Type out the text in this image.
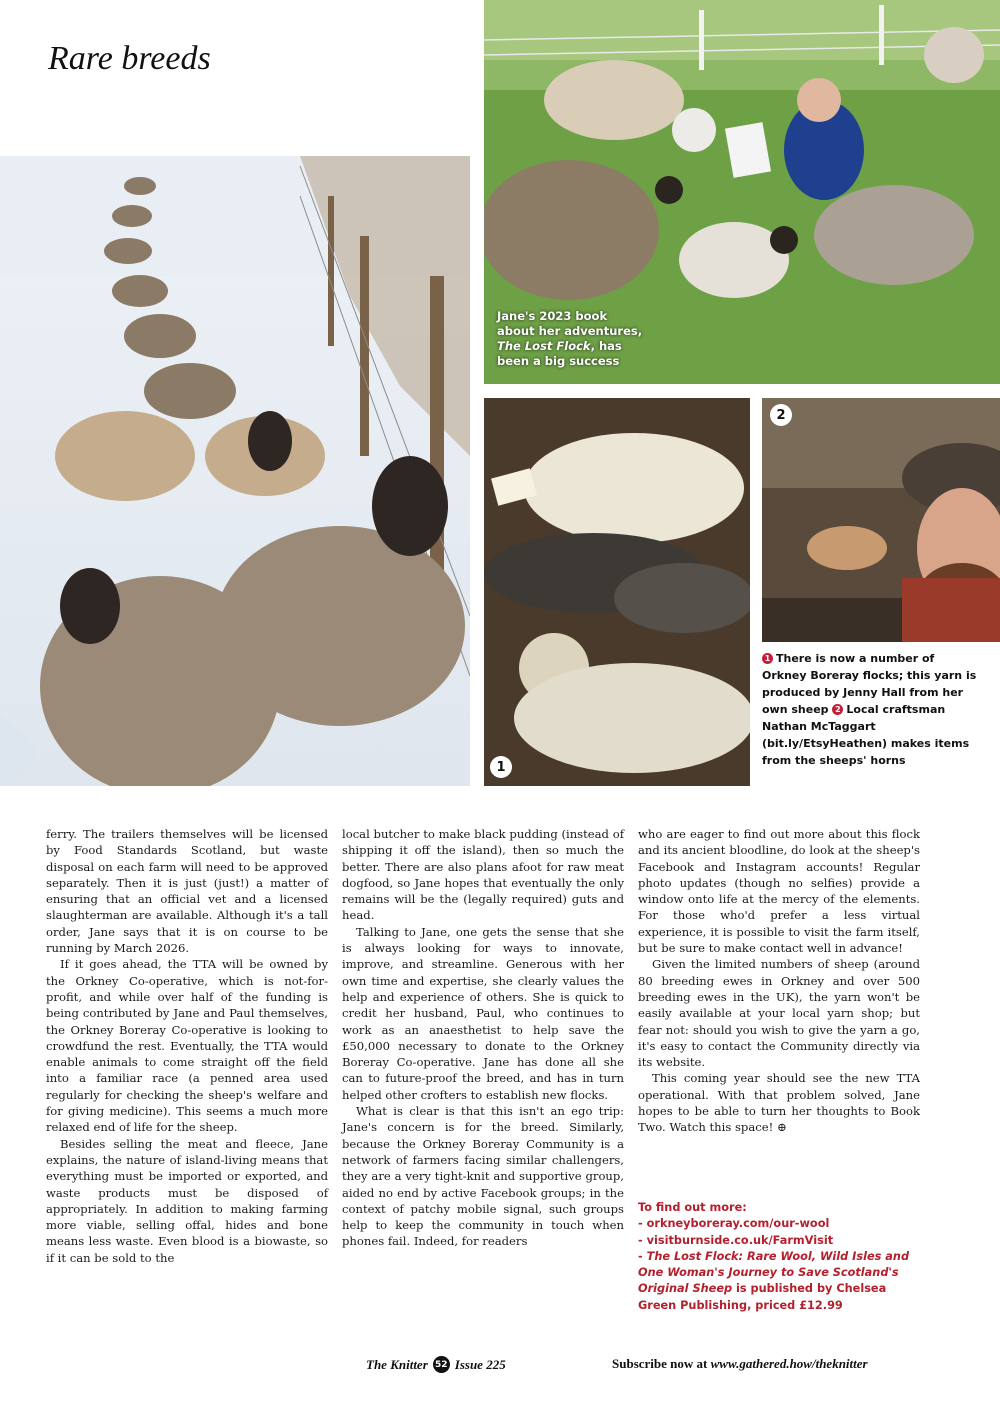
Rare breeds
Jane's 2023 book
about her adventures,
The Lost Flock, has
been a big success
1
2
1 There is now a number of Orkney Boreray flocks; this yarn is produced by Jenny Hall from her own sheep 2 Local craftsman Nathan McTaggart (bit.ly/EtsyHeathen) makes items from the sheeps' horns

ferry. The trailers themselves will be licensed by Food Standards Scotland, but waste disposal on each farm will need to be approved separately. Then it is just (just!) a matter of ensuring that an official vet and a licensed slaughterman are available. Although it's a tall order, Jane says that it is on course to be running by March 2026.

If it goes ahead, the TTA will be owned by the Orkney Co-operative, which is not-for-profit, and while over half of the funding is being contributed by Jane and Paul themselves, the Orkney Boreray Co-operative is looking to crowdfund the rest. Eventually, the TTA would enable animals to come straight off the field into a familiar race (a penned area used regularly for checking the sheep's welfare and for giving medicine). This seems a much more relaxed end of life for the sheep.

Besides selling the meat and fleece, Jane explains, the nature of island-living means that everything must be imported or exported, and waste products must be disposed of appropriately. In addition to making farming more viable, selling offal, hides and bone means less waste. Even blood is a biowaste, so if it can be sold to the

local butcher to make black pudding (instead of shipping it off the island), then so much the better. There are also plans afoot for raw meat dogfood, so Jane hopes that eventually the only remains will be the (legally required) guts and head.

Talking to Jane, one gets the sense that she is always looking for ways to innovate, improve, and streamline. Generous with her own time and expertise, she clearly values the help and experience of others. She is quick to credit her husband, Paul, who continues to work as an anaesthetist to help save the £50,000 necessary to donate to the Orkney Boreray Co-operative. Jane has done all she can to future-proof the breed, and has in turn helped other crofters to establish new flocks.

What is clear is that this isn't an ego trip: Jane's concern is for the breed. Similarly, because the Orkney Boreray Community is a network of farmers facing similar challengers, they are a very tight-knit and supportive group, aided no end by active Facebook groups; in the context of patchy mobile signal, such groups help to keep the community in touch when phones fail. Indeed, for readers

who are eager to find out more about this flock and its ancient bloodline, do look at the sheep's Facebook and Instagram accounts! Regular photo updates (though no selfies) provide a window onto life at the mercy of the elements. For those who'd prefer a less virtual experience, it is possible to visit the farm itself, but be sure to make contact well in advance!

Given the limited numbers of sheep (around 80 breeding ewes in Orkney and over 500 breeding ewes in the UK), the yarn won't be easily available at your local yarn shop; but fear not: should you wish to give the yarn a go, it's easy to contact the Community directly via its website.

This coming year should see the new TTA operational. With that problem solved, Jane hopes to be able to turn her thoughts to Book Two. Watch this space! ⊕

To find out more:
- orkneyboreray.com/our-wool
- visitburnside.co.uk/FarmVisit
- The Lost Flock: Rare Wool, Wild Isles and One Woman's Journey to Save Scotland's Original Sheep is published by Chelsea Green Publishing, priced £12.99
The Knitter 52 Issue 225	Subscribe now at www.gathered.how/theknitter
